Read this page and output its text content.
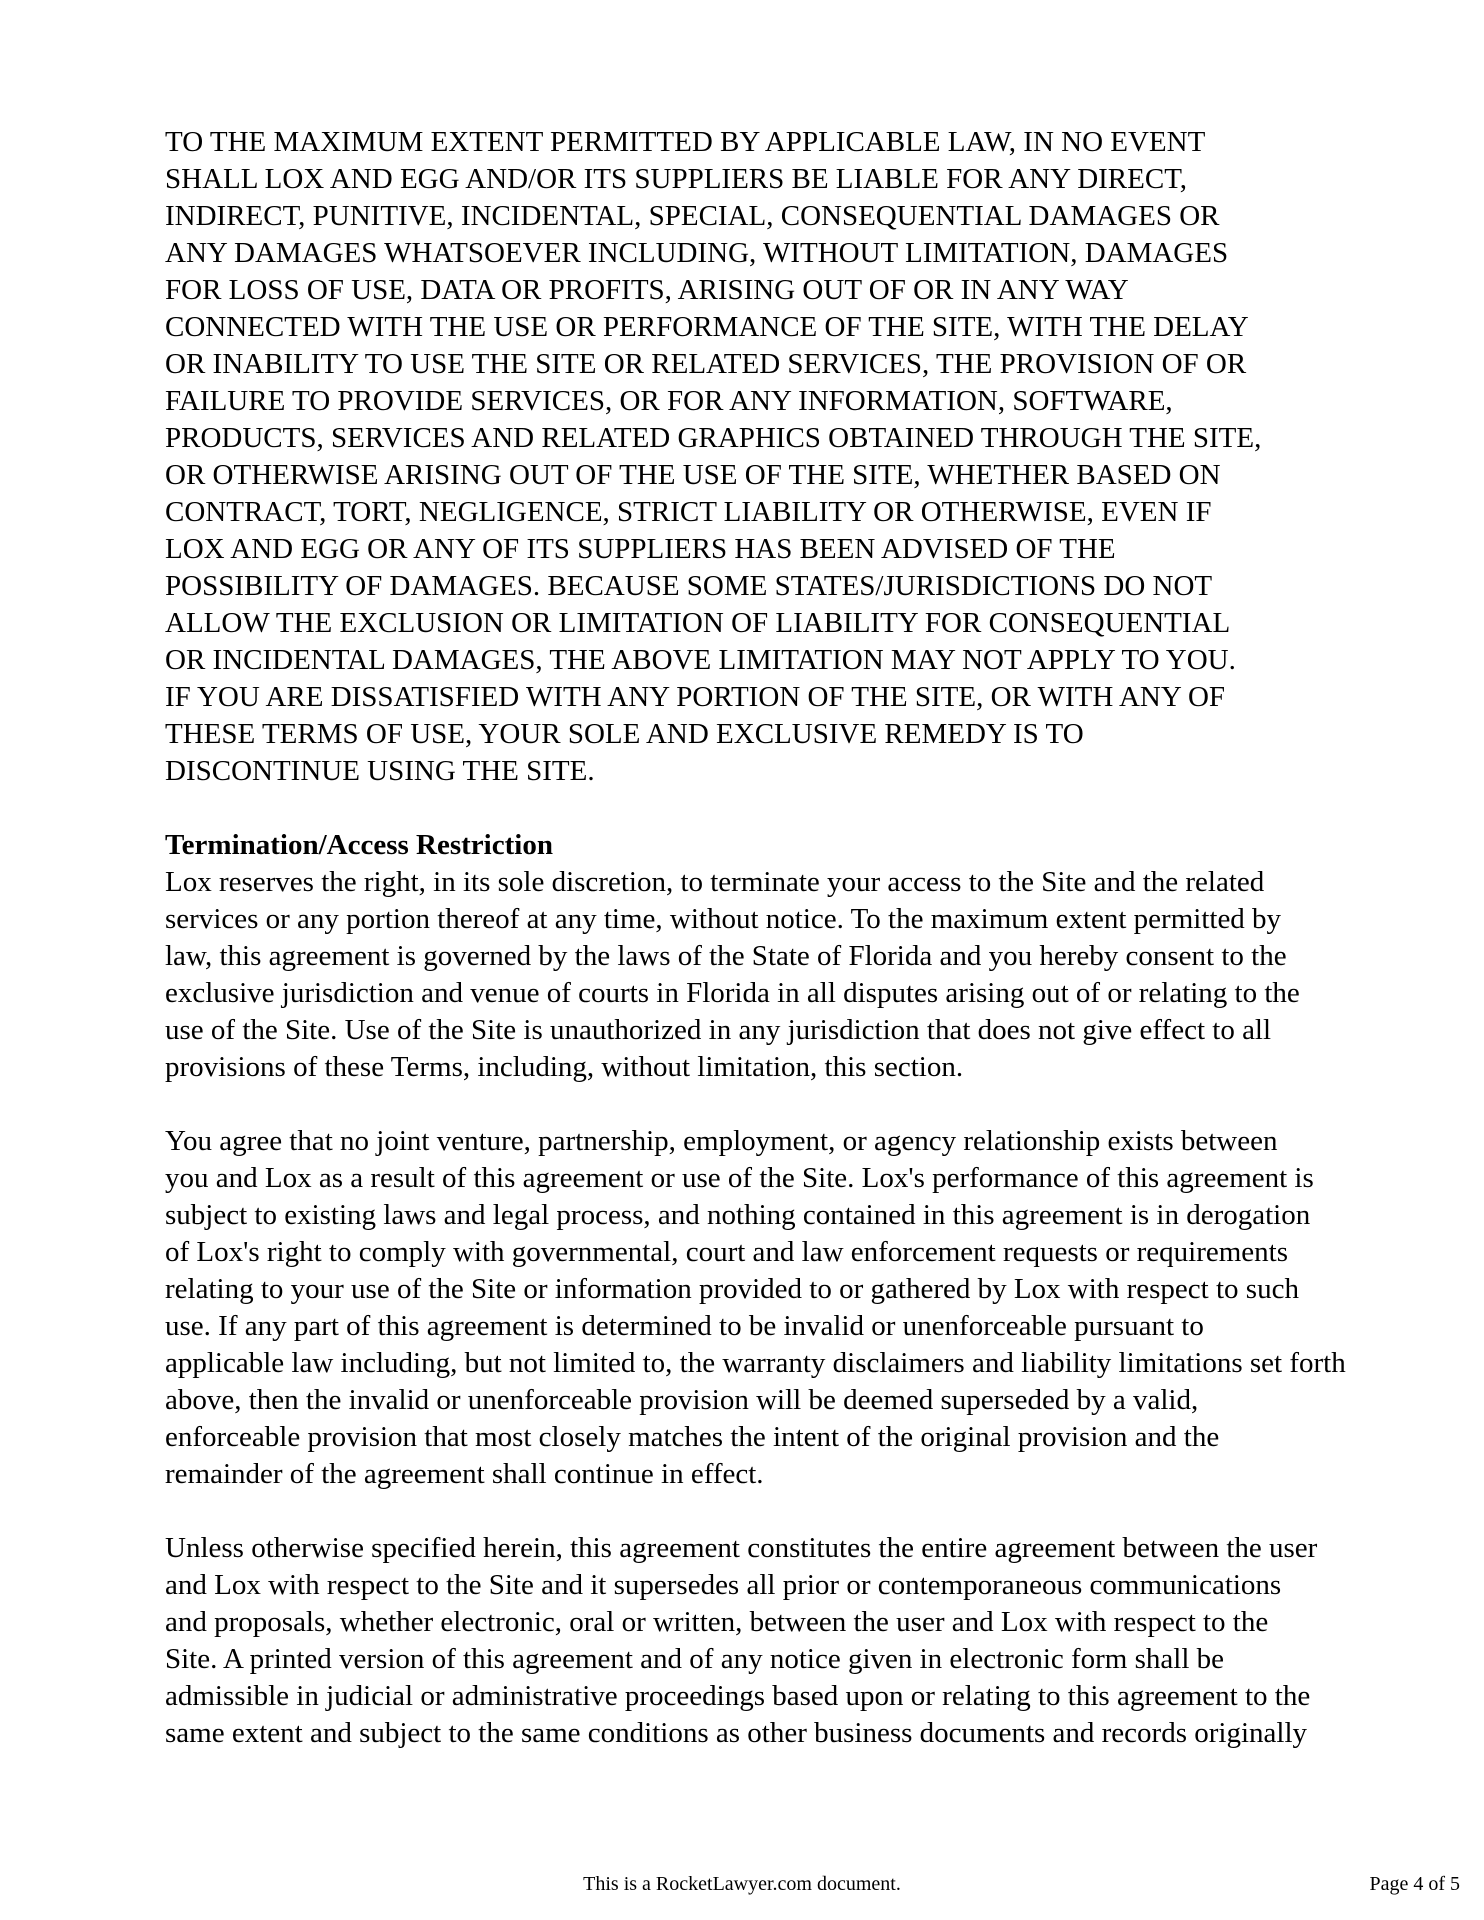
TO THE MAXIMUM EXTENT PERMITTED BY APPLICABLE LAW, IN NO EVENT
SHALL LOX AND EGG AND/OR ITS SUPPLIERS BE LIABLE FOR ANY DIRECT,
INDIRECT, PUNITIVE, INCIDENTAL, SPECIAL, CONSEQUENTIAL DAMAGES OR
ANY DAMAGES WHATSOEVER INCLUDING, WITHOUT LIMITATION, DAMAGES
FOR LOSS OF USE, DATA OR PROFITS, ARISING OUT OF OR IN ANY WAY
CONNECTED WITH THE USE OR PERFORMANCE OF THE SITE, WITH THE DELAY
OR INABILITY TO USE THE SITE OR RELATED SERVICES, THE PROVISION OF OR
FAILURE TO PROVIDE SERVICES, OR FOR ANY INFORMATION, SOFTWARE,
PRODUCTS, SERVICES AND RELATED GRAPHICS OBTAINED THROUGH THE SITE,
OR OTHERWISE ARISING OUT OF THE USE OF THE SITE, WHETHER BASED ON
CONTRACT, TORT, NEGLIGENCE, STRICT LIABILITY OR OTHERWISE, EVEN IF
LOX AND EGG OR ANY OF ITS SUPPLIERS HAS BEEN ADVISED OF THE
POSSIBILITY OF DAMAGES. BECAUSE SOME STATES/JURISDICTIONS DO NOT
ALLOW THE EXCLUSION OR LIMITATION OF LIABILITY FOR CONSEQUENTIAL
OR INCIDENTAL DAMAGES, THE ABOVE LIMITATION MAY NOT APPLY TO YOU.
IF YOU ARE DISSATISFIED WITH ANY PORTION OF THE SITE, OR WITH ANY OF
THESE TERMS OF USE, YOUR SOLE AND EXCLUSIVE REMEDY IS TO
DISCONTINUE USING THE SITE.
Termination/Access Restriction
Lox reserves the right, in its sole discretion, to terminate your access to the Site and the related
services or any portion thereof at any time, without notice. To the maximum extent permitted by
law, this agreement is governed by the laws of the State of Florida and you hereby consent to the
exclusive jurisdiction and venue of courts in Florida in all disputes arising out of or relating to the
use of the Site. Use of the Site is unauthorized in any jurisdiction that does not give effect to all
provisions of these Terms, including, without limitation, this section.
You agree that no joint venture, partnership, employment, or agency relationship exists between
you and Lox as a result of this agreement or use of the Site. Lox's performance of this agreement is
subject to existing laws and legal process, and nothing contained in this agreement is in derogation
of Lox's right to comply with governmental, court and law enforcement requests or requirements
relating to your use of the Site or information provided to or gathered by Lox with respect to such
use. If any part of this agreement is determined to be invalid or unenforceable pursuant to
applicable law including, but not limited to, the warranty disclaimers and liability limitations set forth
above, then the invalid or unenforceable provision will be deemed superseded by a valid,
enforceable provision that most closely matches the intent of the original provision and the
remainder of the agreement shall continue in effect.
Unless otherwise specified herein, this agreement constitutes the entire agreement between the user
and Lox with respect to the Site and it supersedes all prior or contemporaneous communications
and proposals, whether electronic, oral or written, between the user and Lox with respect to the
Site. A printed version of this agreement and of any notice given in electronic form shall be
admissible in judicial or administrative proceedings based upon or relating to this agreement to the
same extent and subject to the same conditions as other business documents and records originally
This is a RocketLawyer.com document.	Page 4 of 5
